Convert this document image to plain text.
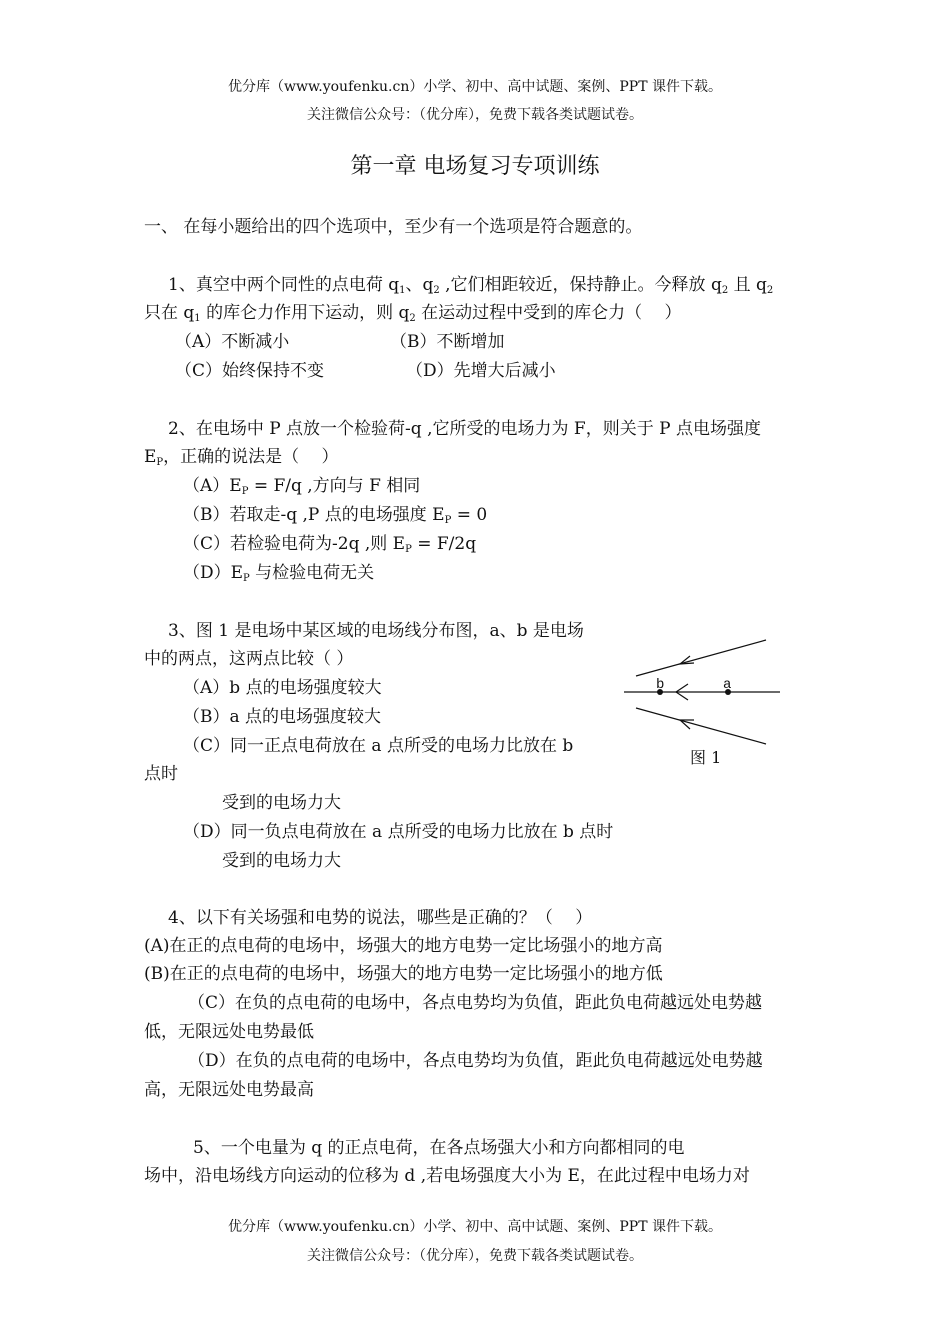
优分库（www.youfenku.cn）小学、初中、高中试题、案例、PPT 课件下载。
关注微信公众号：（优分库），免费下载各类试题试卷。
第一章 电场复习专项训练
一、 在每小题给出的四个选项中，至少有一个选项是符合题意的。
1、真空中两个同性的点电荷 $q_1$、$q_2$ ,它们相距较近，保持静止。今释放 $q_2$ 且 $q_2$
只在 $q_1$ 的库仑力作用下运动，则 $q_2$ 在运动过程中受到的库仑力（　 ）
（A）不断减小	（B）不断增加
（C）始终保持不变	（D）先增大后减小
2、在电场中 P 点放一个检验荷-q ,它所受的电场力为 F，则关于 P 点电场强度
$E_P$，正确的说法是（　 ）
$(A)E_P = F/q$ ,方向与 F 相同
（B）若取走-q ,P 点的电场强度 $E_P = 0$
（C）若检验电荷为-2q ,则 $E_P = F/2q$
$(D)E_P$ 与检验电荷无关
3、图 1 是电场中某区域的电场线分布图，a、b 是电场
中的两点，这两点比较（ ）
（A）b 点的电场强度较大
（B）a 点的电场强度较大
（C）同一正点电荷放在 a 点所受的电场力比放在 b
点时
受到的电场力大
（D）同一负点电荷放在 a 点所受的电场力比放在 b 点时
受到的电场力大
b	a
图 1
4、以下有关场强和电势的说法，哪些是正确的？（　 ）
(A)在正的点电荷的电场中，场强大的地方电势一定比场强小的地方高
(B)在正的点电荷的电场中，场强大的地方电势一定比场强小的地方低
（C）在负的点电荷的电场中，各点电势均为负值，距此负电荷越远处电势越
低，无限远处电势最低
（D）在负的点电荷的电场中，各点电势均为负值，距此负电荷越远处电势越
高，无限远处电势最高
5、一个电量为 q 的正点电荷，在各点场强大小和方向都相同的电
场中，沿电场线方向运动的位移为 d ,若电场强度大小为 E，在此过程中电场力对
优分库（www.youfenku.cn）小学、初中、高中试题、案例、PPT 课件下载。
关注微信公众号：（优分库），免费下载各类试题试卷。
